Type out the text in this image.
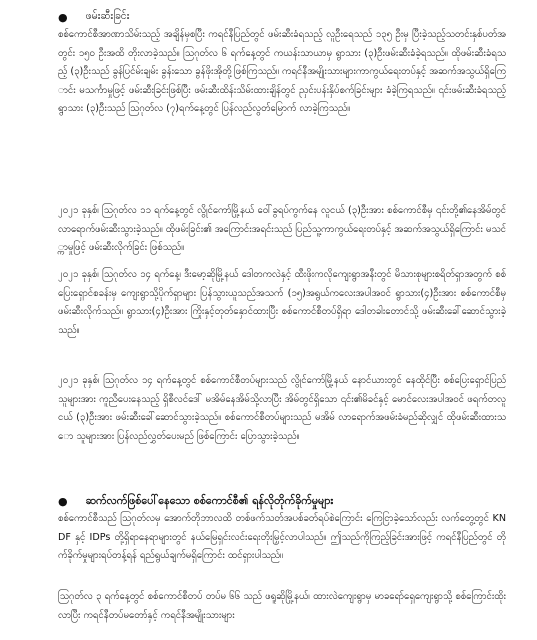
● ဖမ်းဆီးခြင်း

စစ်ကောင်စီအာဏာသိမ်းသည့် အချိန်မှစပြီး ကရင်နီပြည်တွင် ဖမ်းဆီးခံရသည့် လူဦးရေသည် ၁၃၅ ဦးမှ ပြီးခဲ့သည့်သတင်းနှစ်ပတ်အတွင်း ၁၅၀ ဦးအထိ တိုးလာခဲ့သည်။ ဩဂုတ်လ ၆ ရက်နေ့တွင် ကယန်းသာယာမှ ရွာသား (၃)ဦးဖမ်းဆီးခံခဲ့ရသည်။ ထိုဖမ်းဆီးခံရသည့် (၃)ဦးသည် ခွန်ပြင်မ်းချမ်း ခွန်းသော ခွန်ဖိုးအိုတို့ဖြစ်ကြသည်။ ကရင်နီအမျိုးသားများကာကွယ်ရေးတပ်နှင့် အဆက်အသွယ်ရှိကြောင်း မသင်္ကာမှုဖြင့် ဖမ်းဆီးခြင်းဖြစ်ပြီး ဖမ်းဆီးထိန်းသိမ်းထားချိန်တွင် ညှင်းပန်းနှိပ်စက်ခြင်းများ ခံခဲ့ကြရသည်။ ၎င်းဖမ်းဆီးခံရသည့် ရွာသား (၃)ဦးသည် ဩဂုတ်လ (၇)ရက်နေ့တွင် ပြန်လည်လွတ်မြောက် လာခဲ့ကြသည်။

၂၀၂၁ ခုနှစ်၊ ဩဂုတ်လ ၁၁ ရက်နေ့တွင် လွိုင်ကော်မြို့နယ် ဝေါ်ခွရပ်ကွက်နေ လူငယ် (၃)ဦးအား စစ်ကောင်စီမှ ၎င်းတို့၏နေအိမ်တွင် လာရောက်ဖမ်းဆီးသွားခဲ့သည်။ ထိုဖမ်းခြင်း၏ အကြောင်းအရင်းသည် ပြည်သူ့ကာကွယ်ရေးတပ်နှင့် အဆက်အသွယ်ရှိကြောင်း မသင်္ကာမှုဖြင့် ဖမ်းဆီးလိုက်ခြင်း ဖြစ်သည်။

၂၀၂၁ ခုနှစ်၊ ဩဂုတ်လ ၁၄ ရက်နေ့၊ ဒီးမော့ဆိုမြို့နယ် ဒေါတကလဲနှင့် ထီးဖိုးကလိုကျေးရွာအနီးတွင် မိသားစုများစရိတ်ရှာအတွက် စစ်ပြေးရှောင်စခန်းမှ ကျေးရွာသို့ပိုက်ရှာများ ပြန်သွားယူသည်အသက် (၁၅)အရွယ်ကလေးအပါအဝင် ရွာသား(၄)ဦးအား စစ်ကောင်စီမှ ဖမ်းဆီးလိုက်သည်။ ရွာသား(၄)ဦးအား ကြိုးနှင့်တုတ်နှောင်ထားပြီး စစ်ကောင်စီတပ်ရှိရာ ဒေါတခါးတောင်သို့ ဖမ်းဆီးခေါ်ဆောင်သွားခဲ့သည်။

၂၀၂၁ ခုနှစ်၊ ဩဂုတ်လ ၁၄ ရက်နေ့တွင် စစ်ကောင်စီတပ်များသည် လွိုင်ကော်မြို့နယ် နောင်ယားတွင် နေထိုင်ပြီး စစ်ပြေးရှောင်ပြည်သူများအား ကူညီပေးနေသည့် ရှိစီလင်ဒေါ် မအိမ်နေအိမ်သို့လာပြီး အိမ်တွင်ရှိသော ၎င်း၏မိခင်နှင့် မောင်လေးအပါအဝင် ဖရက်တလူငယ် (၃)ဦးအား ဖမ်းဆီးခေါ်ဆောင်သွားခဲ့သည်။ စစ်ကောင်စီတပ်များသည် မအိမ် လာရောက်အဖမ်းခံမည်ဆိုလျှင် ထိုဖမ်းဆီးထားသော သူများအား ပြန်လည်လွှတ်ပေးမည် ဖြစ်ကြောင်း ပြောသွားခဲ့သည်။

● ဆက်လက်ဖြစ်ပေါ်နေသော စစ်ကောင်စီ၏ ရန်လိုတိုက်ခိုက်မှုများ

စစ်ကောင်စီသည် ဩဂုတ်လမှ အောက်တိုဘာလထိ တစ်ဖက်သတ်အပစ်ခတ်ရပ်စဲကြောင်း ကြေငြာခဲ့သော်လည်း လက်တွေ့တွင် KNDF နှင့် IDPs တို့ရှိရာနေရာများတွင် နယ်မြေရှင်းလင်းရေးတိုးမြှင့်လာပါသည်။ ဤသည်ကိုကြည့်ခြင်းအားဖြင့် ကရင်နီပြည်တွင် တိုက်ခိုက်မှုများရပ်တန့်ရန် ရည်ရွယ်ချက်မရှိကြောင်း ထင်ရှားပါသည်။

ဩဂုတ်လ ၃ ရက်နေ့တွင် စစ်ကောင်စီတပ် တပ်မ ၆၆ သည် ဖရူဆိုမြို့နယ်၊ ထားလဲကျေးရွာမှ မာခရော်ရှေကျေးရွာသို့ စစ်ကြောင်းထိုးလာပြီး ကရင်နီတပ်မတော်နှင့် ကရင်နီအမျိုးသားများ
